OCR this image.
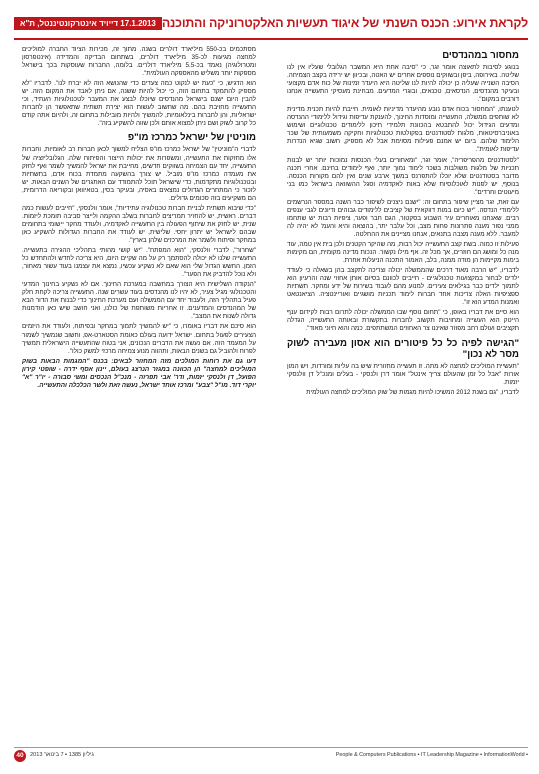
לקראת אירוע: הכנס השנתי של איגוד תעשיות האלקטרוניקה והתוכנה
17.1.2013 דייויד אינטרקונטיננטל, ת"א
מחסור במהנדסים

בנוגע לסיבות לתאוצה אומר זגר, כי "סיבה אחת היא המשבר הגלובלי שעליו אין לנו שליטה. באירופה, ביפן ובשווקים נוספים אחרים יש האטה, ובכיוון יש ירידה בקצב הצמיחה. הסיבה השנייה שעליה כן יכולה להיות לנו שליטה היא היעדר זמינות של כוח אדם מקצועי ובעיקר מהנדסים, הנדסאים, טכנאים, ובוגרי המדעים. מבחינת מעסיקי התעשייה אנחנו דורבים במקום".

לטענתו, "המחסור בכוח אדם נובע מהיעדר מדיניות לאומית. חייבת להיות תכנית מדינית לא שותפים ממשלה, התעשייה ומוסדות החינוך, להענקת עדיפות וגידול ללימודי ההנדסה ומדעים הגידול יכול להתבטא בהכוונת תלמידי תיכון ללימודים טכנולוגיים ושימוש באוניברסיטאות, מלגות לסטודנטים בפקולטות טכנולוגיות וחקיקה משמעותית של שכר הלימוד שלהם. ביום יש אמנם פעילות מסוימת אבל לא מספיק, חשוב שגיא הנדרות עדיפות לאומית".

"לסטודנטים מהפריפריה", אומר זגר, "ומאחורים בעלי הכנסות נמוכות יותר יש לבנות תכניות של מלגות משולבות בשכר לימוד נמוך יותר, ואף לימודים בחינם. אחרי תכנה מדובר בסטודנטים שלא יוכלו להתפרנס במשך ארבע שנים ואין להם מקורות הכנסה. בנוסף, יש לפנות לאוכלוסיות שלא באות לאקדמיה וסגל ההשוואה בישראל כמו בני מיעוטים וחרדים".

עם זאת, זגר מציין שיפור בתחום זה: "ישנם ניצנים לשיפור כבר השנה במספר הנרשמים ללימודי הנדסה. "יש כיום במות דווקאית של קציבים ללימודים גבוהים ודיונים לגבי ענפים רבים. שאנחנו מאוחרים עיר השבוע בסקטור, הגם חבר ופער, ציפיות רבות יש שתחמו ממני נפור מענה פתרונות פחות מצב, וכל עלבר יתר, בהוצאה והיא והעמ' לא יהיה לה למעבר. ללא מענה מצבה בתנאים, אנחנו מציינים את ההחלטה.

פעילות זו כמוה. בשת קצב התעשייה יכול רבות, מה שהיקר הקטנים ולכן בית אין טמה, עוד מנה כל ומושג הם חוזרים, אך מכל זה. אף מילו נקשור. הנכות מדינה מקומית, הם מקימות בימות מקיימות הן מודה ממנה, בלב, האמור התכנה הניעלות אחרת.

לדבריו, "יש הרבה מאוד דרכים שהממשלה יכולה וצריכה לתקצב בהן בשאלה כי לעודד ילדים לבחור במקצועות טכנולוגיים - חייבים לכוונם בסיום אותן אחוזי שנה והרעיון הוא לתמוך ילדים כבר בגילאים צעירים. למנוע מהם לעבוד בשירות של ידע ומחקר. תשתיות ספציפיות האלה צריכות אחד חברות לימוד תכניות מושגיים ואוריינטציה. הציאנטאט ואמנות המדע הוא זו".

הוא סיים את דבריו באופן, כי "תחום נוסף שבו הממשלה יכולה לתרום רבות לקידום ענף הייטק הוא העשייה ומחויבות תקשוב לחברות בתקשורת ובאותה התעשייה, הגדלה תקציבים ועולם רחב מפוזר שאיננו צר האחוזים המשתתפים. כמה והוא חיוני מאוד".

"הגישה לפיה כל כל פיטורים הוא אסון מעבירה לשוק מסר לא נכון"

"תעשיית המוליכים למחצה לא מתה. זו תעשייה מחזורית שיש בה עליות ומורדות, ויש המון אורות "אבל כל זמן שהעולם צריך אינטל" אומר דרן ולנסקי - בעלים ומנכ"ל דן וולנסקי יזמות.

לדבריו, "גם בשנת 2012 המשיכו להיות מגמות של שוק המוליכים למחצה העולמית

מסתכמים בכ-550 מיליארד דולרים בשנה. מתוך זה, מכירות הציוד החברה למוליכים למחצה מגיעות לכ-35 מיליארד דולרים, בשתחום הבדיקה והמדידה (אינטפרסון ומטרולוגיה) נאמד בכ-5.5 מיליארד דולרים. בלומה, החברות שעוסקות בכך בישראל מספקות יותר משליש מהאספקה העולמית".

הוא הדגיש, כי "כעת יש לנקוט כמה צעדים כדי שהנושא הזה לא יברח לנו". לדבריו "לא מספיק להתמקד בתחום הזה, כי יכול להיות ששנה, אם ניתן לאבד את המקום הזה. יש להבין היום ישנם בישראל מהנדסים שיוכלו לבצע את המעבר לטכנולוגיות העתיד, וכי התעשייה מחויבת בהם. מה שחשוב לעשות הוא יצירת תשתית שתאפשר הן לחברות ישראליות, והן לחברות בינלאומיות, להמשיך ולהיות מובילות בתחום זה, ולהיום אתה קודם כל קרוב לשוק ושם ניתן למצוא אותם ולכן שווה להשקיע בזה".

מוניטין של ישראל כמרכז מו"פ

לדברי ה"מוניטין" של ישראל כמרכז מו"פ הצליח למשוך לכאן חברות רב לאומיות, וחברות אלו מחזקות את התעשייה, ומשפרות את יכולות הייצור והפיתוח שלה. הגלובליזציה של התעשייה, יחד עם הצמיחה בשווקים חדשים, מחייבת את ישראל להמשיך לשמר ואף לחזק את מעמדה כמרכז מו"פ מוביל. יש צורך בהשקעה מתמדת בכוח אדם, בתשתיות ובטכנולוגיות מתקדמות, כדי שישראל תוכל להתמודד עם האתגרים של השנים הבאות. יש לזכור כי המתחרים הגדולים נמצאים באסיה, ובעיקר בסין, בטאיוואן ובקוריאה הדרומית, הם משקיעים בזה סכומים גדולים.

"כדי שיבוא תשתית לבניית חברות טכנולוגיה עתידיות", אומר וולנסקי, "חייבים לעשות כמה דברים. ראשית, יש להחזיר תמריצים לחברות בשלב ההקמה ולייצר סביבה תומכת ליזמות. שנית, יש לחזק את שיתוף הפעולה בין התעשייה לאקדמיה, ולעודד מחקר יישומי בתחומים שבהם לישראל יש יתרון יחסי. שלישית, יש לעודד את החברות הגדולות להשקיע כאן במחקר ופיתוח ולשמר את המרכזים שלהן בארץ".

"שחרור", לדברי וולנסקי, "הוא המפתח". "יש קושי מהותי בתהליכי ההגירה בתעשייה. התעשייה שלנו לא יכולה להסתמך רק על מה שקיים היום, היא צריכה לחדש ולהתחדש כל הזמן. החשש הגדול שלי הוא שאם לא נשקיע עכשיו, נמצא את עצמנו בעוד עשור מאחור, ולא נוכל להדביק את הפער".

"הנקודה השלישית היא הצורך במחשבה במערכת החינוך. אם לא נשקיע בחינוך המדעי והטכנולוגי מגיל צעיר, לא יהיו לנו מהנדסים בעוד עשרים שנה. התעשייה צריכה לקחת חלק פעיל בתהליך הזה, ולעבוד יחד עם הממשלה ועם מערכת החינוך כדי לבנות את הדור הבא של המהנדסים והמדענים. זו אחריות משותפת של כולנו, ואני חושב שיש כאן הזדמנות גדולה לשנות את המצב".

הוא סיכם את דבריו באומרו, כי "יש להמשיך לתמוך במחקר ובפיתוח, ולעודד את היזמים הצעירים לפעול בתחום. ישראל ידועה בעולם כאומת הסטארט-אפ, וחשוב שנמשיך לשמור על המעמד הזה. אם נעשה את הדברים הנכונים, אני בטוח שהתעשייה הישראלית תמשיך לפרוח ולהוביל גם בשנים הבאות, ותהווה מנוע צמיחה מרכזי למשק כולו".

דעו גם את רוחות המולכים מזה המחזור לבאים: בכנס "המגמות הבאות בשוק המוליכים למחצה" הן הכוונה במגזר הנרצג בעולם, יינון אסף ידרה - שופטי קירון הפועל, דן ולנסקי יזמות, ודר' אבי תפרזה - מנכ"ל הנכסים ומשי סבורה - יו"ר "א" יוקרי דוד. מו"ל "צבע" ומרכז אוחד ישראל, נעשה זאת ולשר הכלכלה והתעשייה.

40	גיליון 1385 ▪ 7 בינואר 2013	People & Computers Publications ▪ IT Leadership Magazine ▪ InformationWorld ▪
